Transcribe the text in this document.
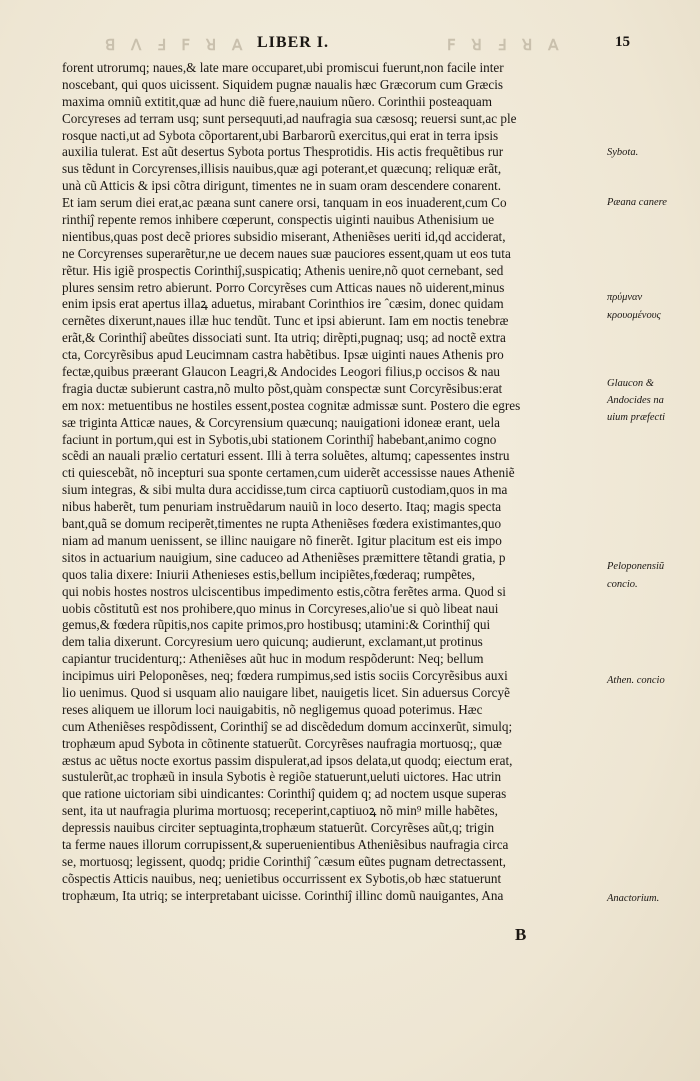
ꓭ ꓥ ꓞ ꓝ ꓤ ꓮ LIBER I.	ꓝ ꓤ ꓞ ꓤ ꓮ	15
forent utrorumq; naues,& late mare occuparet,ubi promiscui fuerunt,non facile inter
noscebant, qui quos uicissent. Siquidem pugnæ naualis hæc Græcorum cum Græcis
maxima omniũ extitit,quæ ad hunc diẽ fuere,nauium nũero. Corinthii posteaquam
Corcyreses ad terram usq; sunt persequuti,ad naufragia sua cæsosq; reuersi sunt,ac ple
rosque nacti,ut ad Sybota cõportarent,ubi Barbarorũ exercitus,qui erat in terra ipsis
auxilia tulerat. Est aũt desertus Sybota portus Thesprotidis. His actis frequẽtibus rur
sus tẽdunt in Corcyrenses,illisis nauibus,quæ agi poterant,et quæcunq; reliquæ erãt,
unà cũ Atticis & ipsi cõtra dirigunt, timentes ne in suam oram descendere conarent.
Et iam serum diei erat,ac pæana sunt canere orsi, tanquam in eos inuaderent,cum Co
rinthiĵ repente remos inhibere cœperunt, conspectis uiginti nauibus Athenisium ue
nientibus,quas post decẽ priores subsidio miserant, Atheniẽses ueriti id,qd acciderat,
ne Corcyrenses superarẽtur,ne ue decem naues suæ pauciores essent,quam ut eos tuta
rẽtur. His igiẽ prospectis Corinthiĵ,suspicatiq; Athenis uenire,nõ quot cernebant, sed
plures sensim retro abierunt. Porro Corcyrẽses cum Atticas naues nõ uiderent,minus
enim ipsis erat apertus illaꝝ aduetus, mirabant Corinthios ire ˆcæsim, donec quidam
cernẽtes dixerunt,naues illæ huc tendũt. Tunc et ipsi abierunt. Iam em noctis tenebræ
erãt,& Corinthiĵ abeũtes dissociati sunt. Ita utriq; dirẽpti,pugnaq; usq; ad noctẽ extra
cta, Corcyrẽsibus apud Leucimnam castra habẽtibus. Ipsæ uiginti naues Athenis pro
fectæ,quibus præerant Glaucon Leagri,& Andocides Leogori filius,p occisos & nau
fragia ductæ subierunt castra,nõ multo põst,quàm conspectæ sunt Corcyrẽsibus:erat
em nox: metuentibus ne hostiles essent,postea cognitæ admissæ sunt. Postero die egres
sæ triginta Atticæ naues, & Corcyrensium quæcunq; nauigationi idoneæ erant, uela
faciunt in portum,qui est in Sybotis,ubi stationem Corinthiĵ habebant,animo cogno
scẽdi an nauali prælio certaturi essent. Illi à terra soluẽtes, altumq; capessentes instru
cti quiescebãt, nõ incepturi sua sponte certamen,cum uiderẽt accessisse naues Atheniẽ
sium integras, & sibi multa dura accidisse,tum circa captiuorũ custodiam,quos in ma
nibus haberẽt, tum penuriam instruẽdarum nauiũ in loco deserto. Itaq; magis specta
bant,quã se domum reciperẽt,timentes ne rupta Atheniẽses fœdera existimantes,quo
niam ad manum uenissent, se illinc nauigare nõ finerẽt. Igitur placitum est eis impo
sitos in actuarium nauigium, sine caduceo ad Atheniẽses præmittere tẽtandi gratia, p
quos talia dixere: Iniurii Athenieses estis,bellum incipiẽtes,fœderaq; rumpẽtes,
qui nobis hostes nostros ulciscentibus impedimento estis,cõtra ferẽtes arma. Quod si
uobis cõstitutũ est nos prohibere,quo minus in Corcyreses,alio'ue si quò libeat naui
gemus,& fœdera rũpitis,nos capite primos,pro hostibusq; utamini:& Corinthiĵ qui
dem talia dixerunt. Corcyresium uero quicunq; audierunt, exclamant,ut protinus
capiantur trucidenturq;: Atheniẽses aũt huc in modum respõderunt: Neq; bellum
incipimus uiri Peloponẽses, neq; fœdera rumpimus,sed istis sociis Corcyrẽsibus auxi
lio uenimus. Quod si usquam alio nauigare libet, nauigetis licet. Sin aduersus Corcyẽ
reses aliquem ue illorum loci nauigabitis, nõ negligemus quoad poterimus. Hæc
cum Atheniẽses respõdissent, Corinthiĵ se ad discẽdedum domum accinxerũt, simulq;
trophæum apud Sybota in cõtinente statuerũt. Corcyrẽses naufragia mortuosq;, quæ
æstus ac uẽtus nocte exortus passim dispulerat,ad ipsos delata,ut quodq; eiectum erat,
sustulerũt,ac trophæũ in insula Sybotis è regiõe statuerunt,ueluti uictores. Hac utrin
que ratione uictoriam sibi uindicantes: Corinthiĵ quidem q; ad noctem usque superas
sent, ita ut naufragia plurima mortuosq; receperint,captiuoꝝ nõ min⁹ mille habẽtes,
depressis nauibus circiter septuaginta,trophæum statuerũt. Corcyrẽses aũt,q; trigin
ta ferme naues illorum corrupissent,& superuenientibus Atheniẽsibus naufragia circa
se, mortuosq; legissent, quodq; pridie Corinthiĵ ˆcæsum eũtes pugnam detrectassent,
cõspectis Atticis nauibus, neq; uenietibus occurrissent ex Sybotis,ob hæc statuerunt
trophæum, Ita utriq; se interpretabant uicisse. Corinthiĵ illinc domũ nauigantes, Ana
Sybota.
Pæana canere
πρύμναν
κρουομένους
Glaucon &
Andocides na
uium præfecti
Peloponensiũ
concio.
Athen. concio
Anactorium.
B
